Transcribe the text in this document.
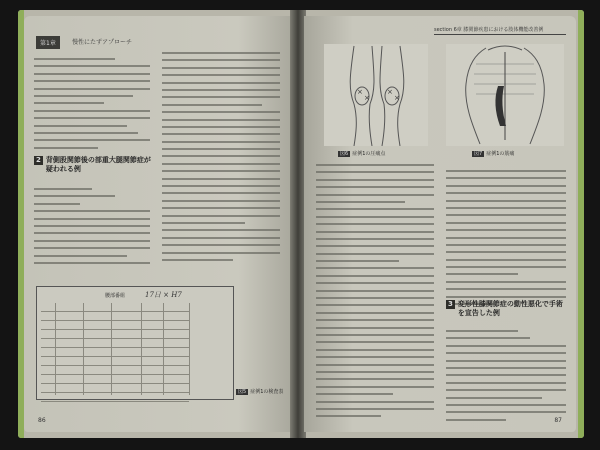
第1章	慢性にたずアプローチ
2 背側股関節後の部重大腿関節症が疑われる例
腰部番組	17日 × H7
図5 症例1の検査表
86
section 6章 膝関節疾患における肢体機能改善例
×
×
×
×
図6 症例1の圧痛点	図7 症例1の筋痛
3 変形性膝関節症の動性悪化で手術を宣告した例
87
